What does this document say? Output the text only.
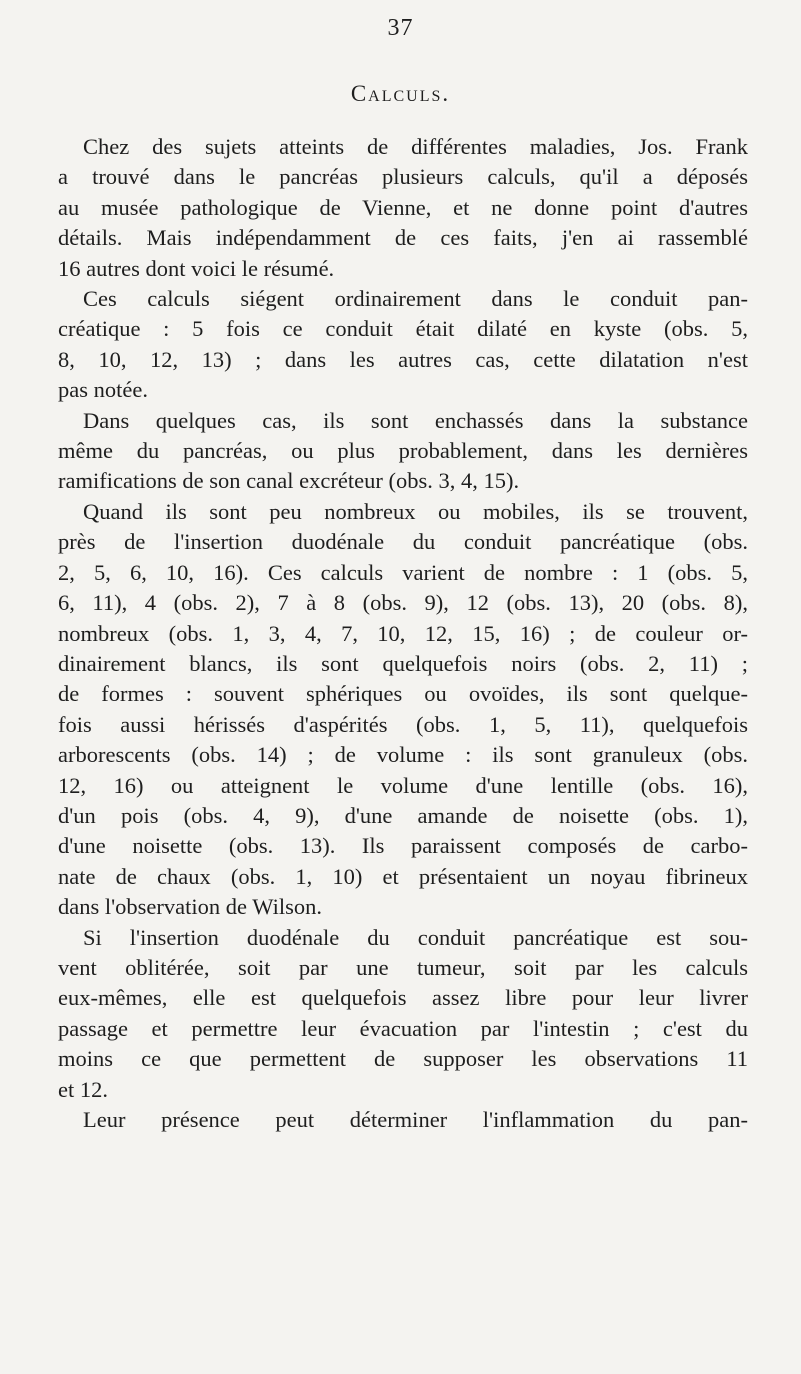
37
Calculs.

Chez des sujets atteints de différentes maladies, Jos. Frank
a trouvé dans le pancréas plusieurs calculs, qu'il a déposés
au musée pathologique de Vienne, et ne donne point d'autres
détails. Mais indépendamment de ces faits, j'en ai rassemblé
16 autres dont voici le résumé.

Ces calculs siégent ordinairement dans le conduit pan-
créatique : 5 fois ce conduit était dilaté en kyste (obs. 5,
8, 10, 12, 13) ; dans les autres cas, cette dilatation n'est
pas notée.

Dans quelques cas, ils sont enchassés dans la substance
même du pancréas, ou plus probablement, dans les dernières
ramifications de son canal excréteur (obs. 3, 4, 15).

Quand ils sont peu nombreux ou mobiles, ils se trouvent,
près de l'insertion duodénale du conduit pancréatique (obs.
2, 5, 6, 10, 16). Ces calculs varient de nombre : 1 (obs. 5,
6, 11), 4 (obs. 2), 7 à 8 (obs. 9), 12 (obs. 13), 20 (obs. 8),
nombreux (obs. 1, 3, 4, 7, 10, 12, 15, 16) ; de couleur or-
dinairement blancs, ils sont quelquefois noirs (obs. 2, 11) ;
de formes : souvent sphériques ou ovoïdes, ils sont quelque-
fois aussi hérissés d'aspérités (obs. 1, 5, 11), quelquefois
arborescents (obs. 14) ; de volume : ils sont granuleux (obs.
12, 16) ou atteignent le volume d'une lentille (obs. 16),
d'un pois (obs. 4, 9), d'une amande de noisette (obs. 1),
d'une noisette (obs. 13). Ils paraissent composés de carbo-
nate de chaux (obs. 1, 10) et présentaient un noyau fibrineux
dans l'observation de Wilson.

Si l'insertion duodénale du conduit pancréatique est sou-
vent oblitérée, soit par une tumeur, soit par les calculs
eux-mêmes, elle est quelquefois assez libre pour leur livrer
passage et permettre leur évacuation par l'intestin ; c'est du
moins ce que permettent de supposer les observations 11
et 12.

Leur présence peut déterminer l'inflammation du pan-
